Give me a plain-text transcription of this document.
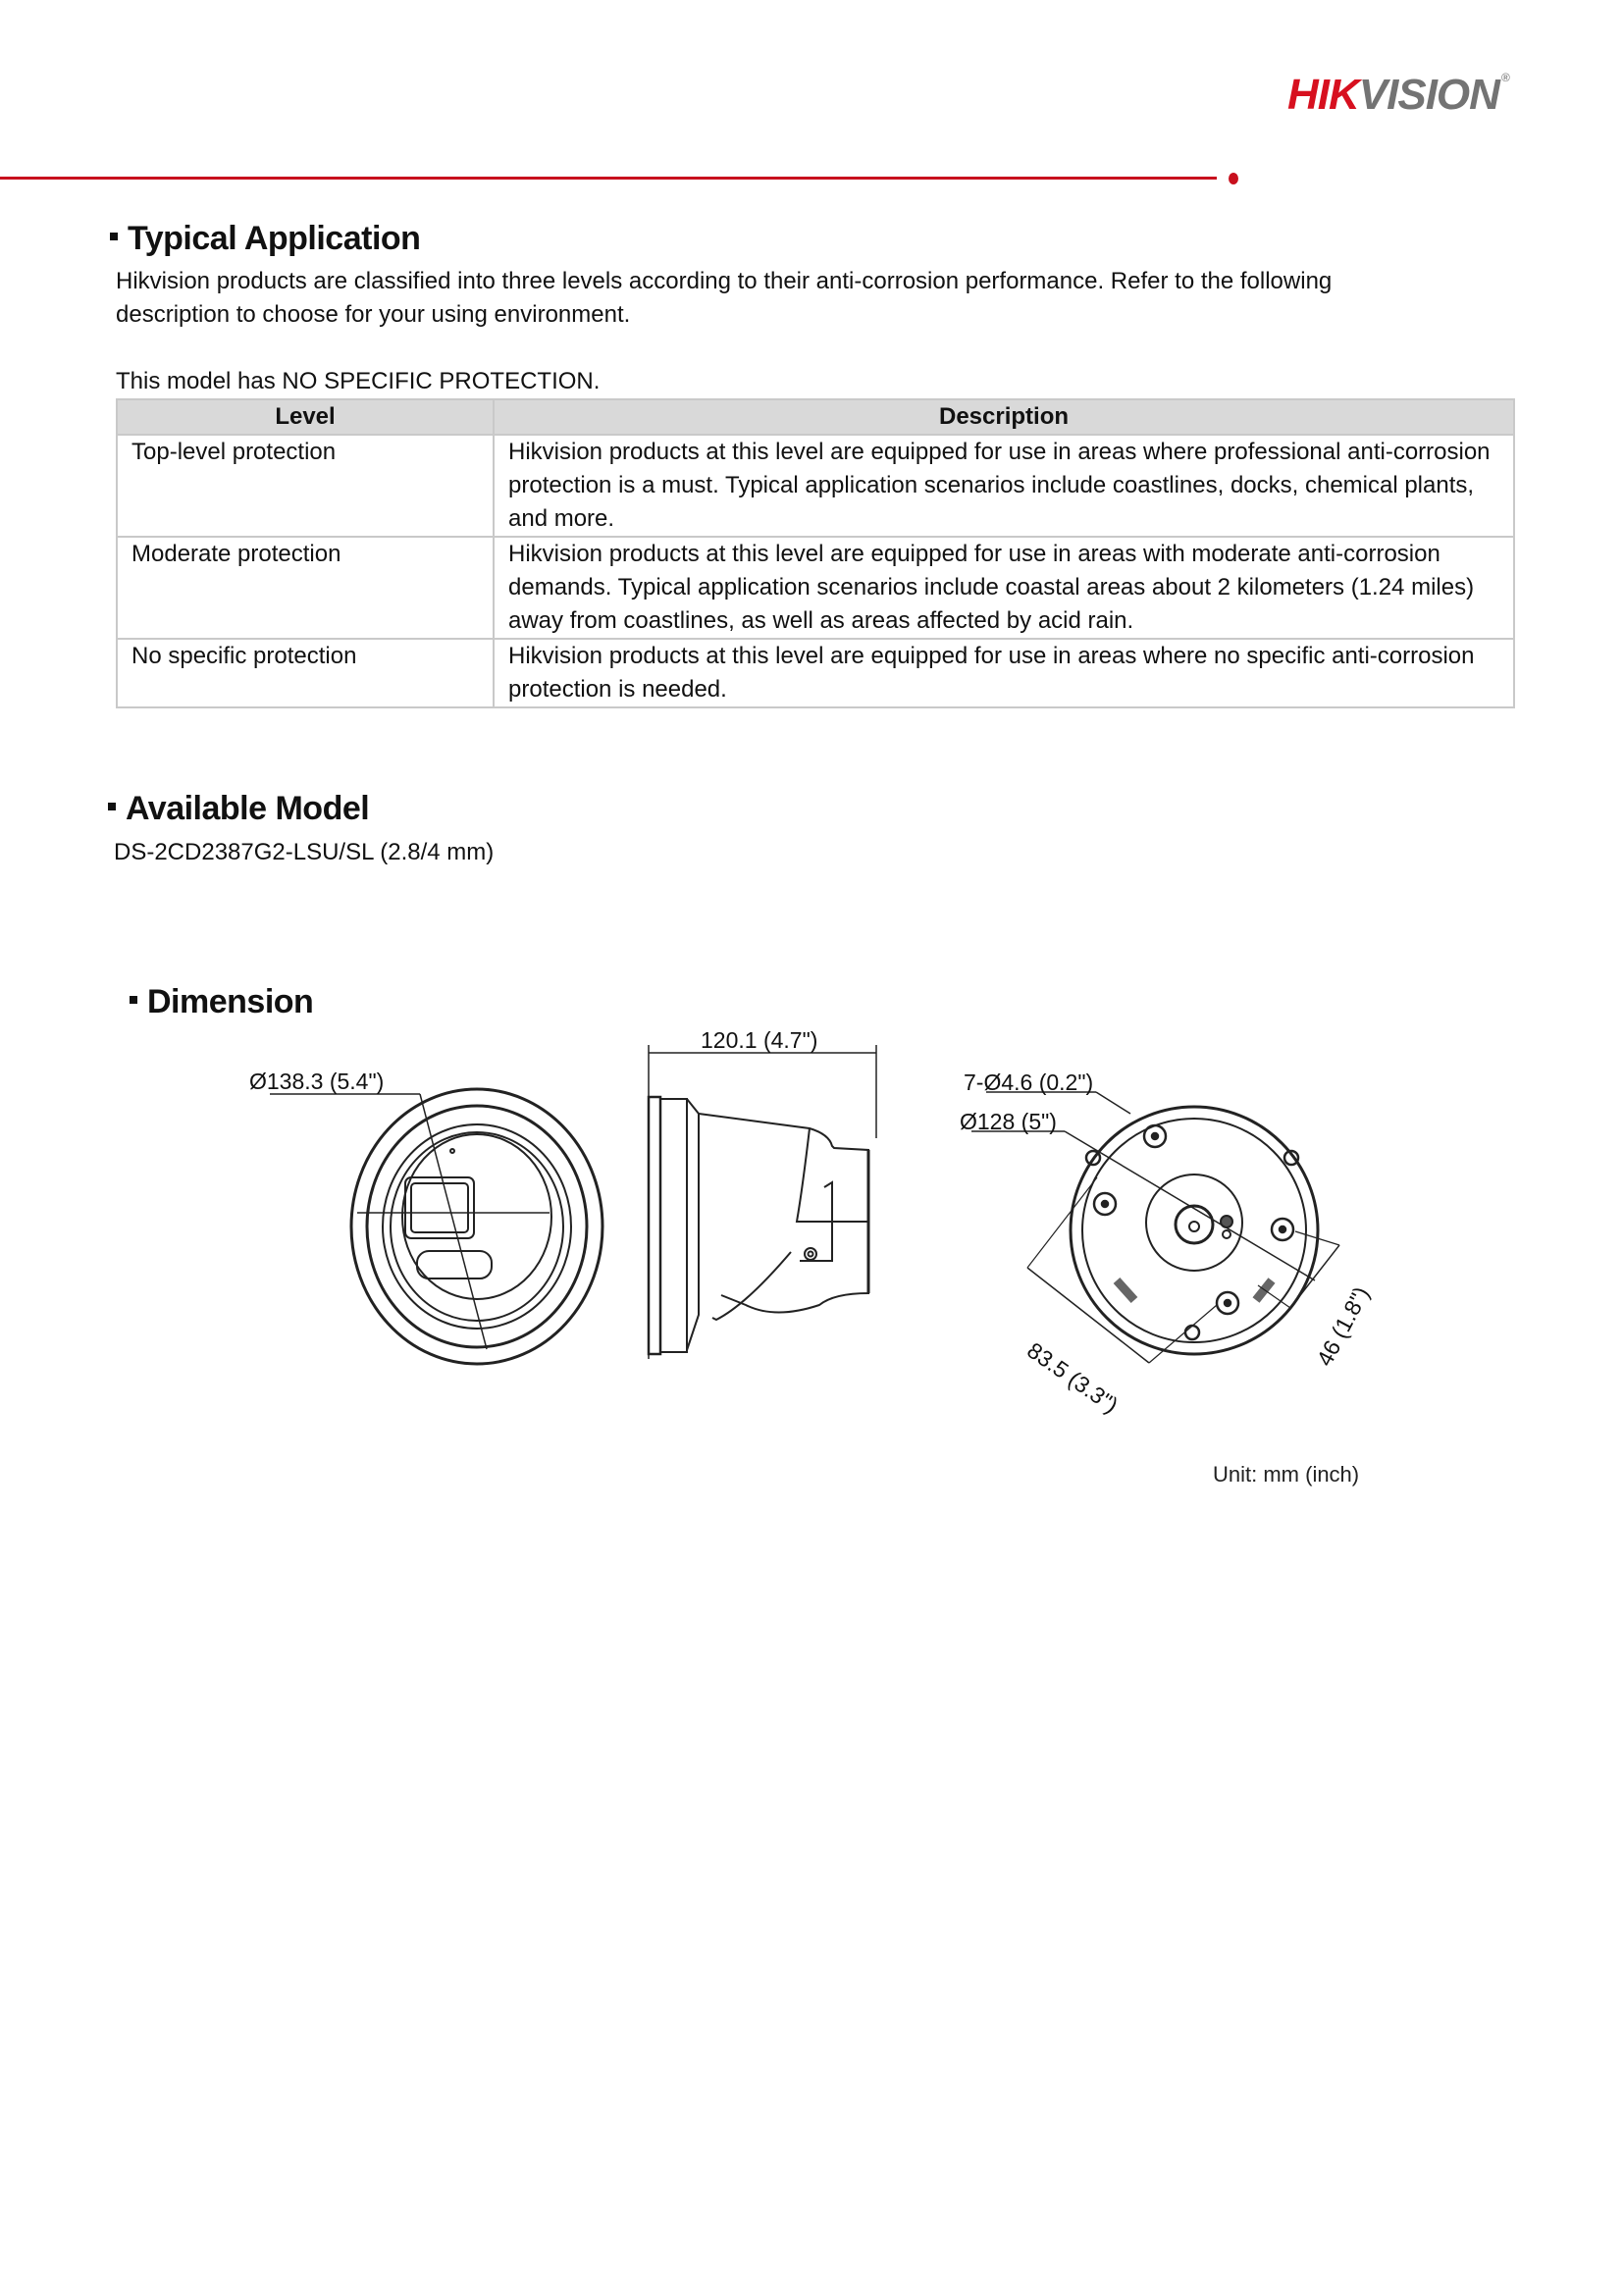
HIKVISION ®
Typical Application
Hikvision products are classified into three levels according to their anti-corrosion performance. Refer to the following
description to choose for your using environment.
This model has NO SPECIFIC PROTECTION.
Level	Description
Top-level protection	Hikvision products at this level are equipped for use in areas where professional anti-corrosion protection is a must. Typical application scenarios include coastlines, docks, chemical plants, and more.
Moderate protection	Hikvision products at this level are equipped for use in areas with moderate anti-corrosion demands. Typical application scenarios include coastal areas about 2 kilometers (1.24 miles) away from coastlines, as well as areas affected by acid rain.
No specific protection	Hikvision products at this level are equipped for use in areas where no specific anti-corrosion protection is needed.
Available Model
DS-2CD2387G2-LSU/SL (2.8/4 mm)
Dimension
Ø138.3 (5.4")
120.1 (4.7")
7-Ø4.6 (0.2")
Ø128 (5")
83.5 (3.3")
46 (1.8")
Unit: mm (inch)
